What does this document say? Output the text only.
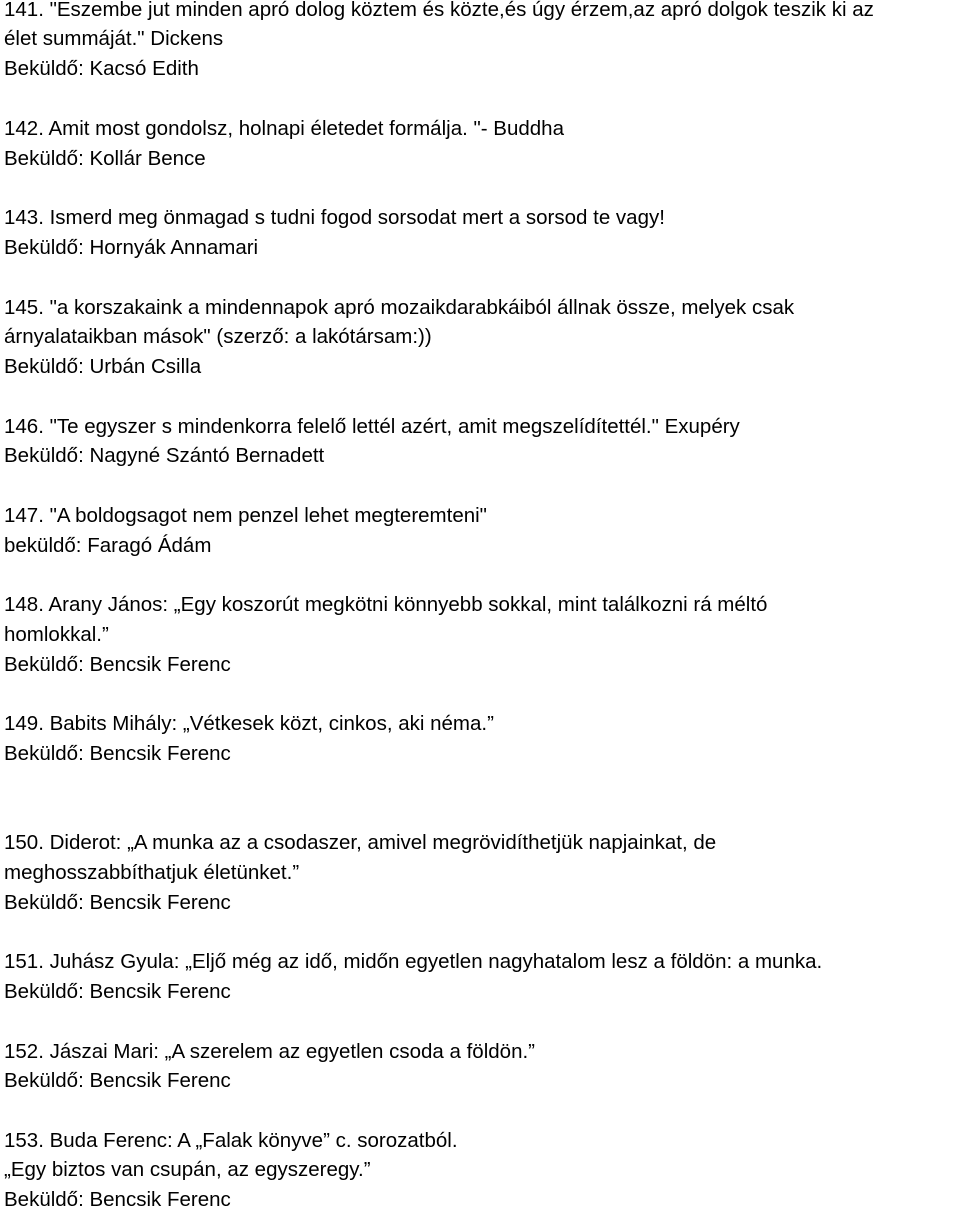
141. "Eszembe jut minden apró dolog köztem és közte,és úgy érzem,az apró dolgok teszik ki az

élet summáját." Dickens

Beküldő: Kacsó Edith

142. Amit most gondolsz, holnapi életedet formálja. "- Buddha

Beküldő: Kollár Bence

143. Ismerd meg önmagad s tudni fogod sorsodat mert a sorsod te vagy!

Beküldő: Hornyák Annamari

145. "a korszakaink a mindennapok apró mozaikdarabkáiból állnak össze, melyek csak

árnyalataikban mások" (szerző: a lakótársam:))

Beküldő: Urbán Csilla

146. "Te egyszer s mindenkorra felelő lettél azért, amit megszelídítettél." Exupéry

Beküldő: Nagyné Szántó Bernadett

147. "A boldogsagot nem penzel lehet megteremteni"

beküldő: Faragó Ádám

148. Arany János: „Egy koszorút megkötni könnyebb sokkal, mint találkozni rá méltó

homlokkal.”

Beküldő: Bencsik Ferenc

149. Babits Mihály: „Vétkesek közt, cinkos, aki néma.”

Beküldő: Bencsik Ferenc

150. Diderot: „A munka az a csodaszer, amivel megrövidíthetjük napjainkat, de

meghosszabbíthatjuk életünket.”

Beküldő: Bencsik Ferenc

151. Juhász Gyula: „Eljő még az idő, midőn egyetlen nagyhatalom lesz a földön: a munka.

Beküldő: Bencsik Ferenc

152. Jászai Mari: „A szerelem az egyetlen csoda a földön.”

Beküldő: Bencsik Ferenc

153. Buda Ferenc: A „Falak könyve” c. sorozatból.

„Egy biztos van csupán, az egyszeregy.”

Beküldő: Bencsik Ferenc
